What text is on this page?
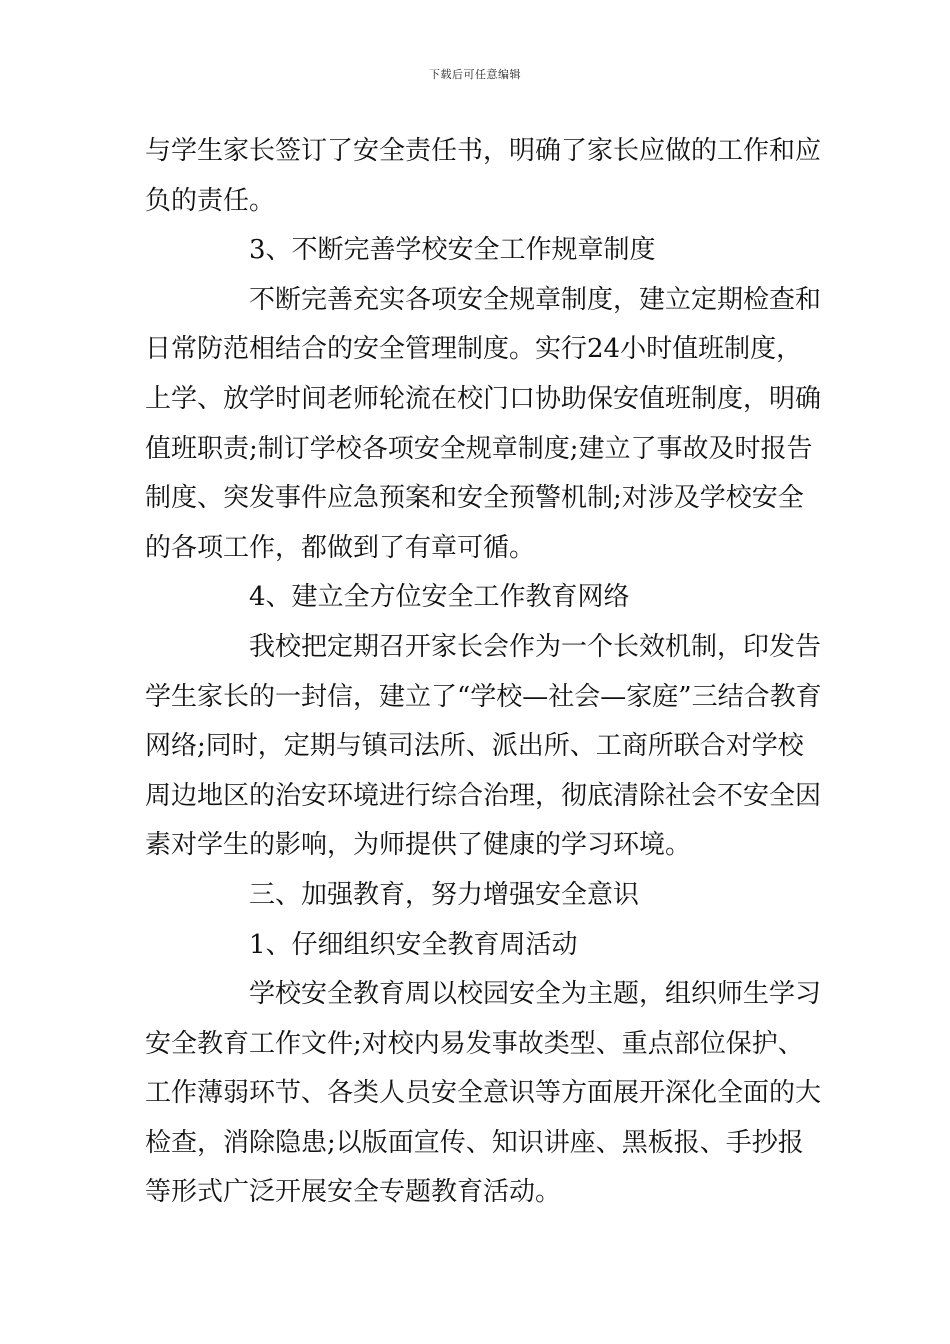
下载后可任意编辑

与学生家长签订了安全责任书，明确了家长应做的工作和应负的责任。

3、不断完善学校安全工作规章制度

不断完善充实各项安全规章制度，建立定期检查和日常防范相结合的安全管理制度。实行24小时值班制度，上学、放学时间老师轮流在校门口协助保安值班制度，明确值班职责;制订学校各项安全规章制度;建立了事故及时报告制度、突发事件应急预案和安全预警机制;对涉及学校安全的各项工作，都做到了有章可循。

4、建立全方位安全工作教育网络

我校把定期召开家长会作为一个长效机制，印发告学生家长的一封信，建立了“学校—社会—家庭”三结合教育网络;同时，定期与镇司法所、派出所、工商所联合对学校周边地区的治安环境进行综合治理，彻底清除社会不安全因素对学生的影响，为师提供了健康的学习环境。

三、加强教育，努力增强安全意识

1、仔细组织安全教育周活动

学校安全教育周以校园安全为主题，组织师生学习安全教育工作文件;对校内易发事故类型、重点部位保护、工作薄弱环节、各类人员安全意识等方面展开深化全面的大检查，消除隐患;以版面宣传、知识讲座、黑板报、手抄报等形式广泛开展安全专题教育活动。
